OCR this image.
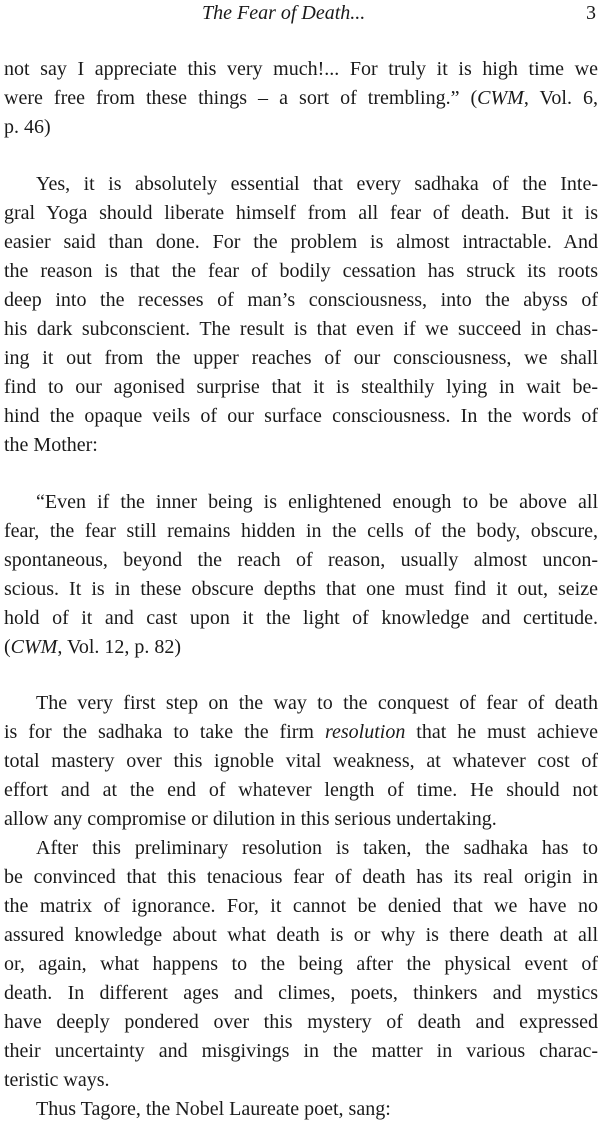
The Fear of Death...	3
not say I appreciate this very much!... For truly it is high time we
were free from these things – a sort of trembling.” (CWM, Vol. 6,
p. 46)
Yes, it is absolutely essential that every sadhaka of the Inte-
gral Yoga should liberate himself from all fear of death. But it is
easier said than done. For the problem is almost intractable. And
the reason is that the fear of bodily cessation has struck its roots
deep into the recesses of man’s consciousness, into the abyss of
his dark subconscient. The result is that even if we succeed in chas-
ing it out from the upper reaches of our consciousness, we shall
find to our agonised surprise that it is stealthily lying in wait be-
hind the opaque veils of our surface consciousness. In the words of
the Mother:
“Even if the inner being is enlightened enough to be above all
fear, the fear still remains hidden in the cells of the body, obscure,
spontaneous, beyond the reach of reason, usually almost uncon-
scious. It is in these obscure depths that one must find it out, seize
hold of it and cast upon it the light of knowledge and certitude.
(CWM, Vol. 12, p. 82)
The very first step on the way to the conquest of fear of death
is for the sadhaka to take the firm resolution that he must achieve
total mastery over this ignoble vital weakness, at whatever cost of
effort and at the end of whatever length of time. He should not
allow any compromise or dilution in this serious undertaking.
After this preliminary resolution is taken, the sadhaka has to
be convinced that this tenacious fear of death has its real origin in
the matrix of ignorance. For, it cannot be denied that we have no
assured knowledge about what death is or why is there death at all
or, again, what happens to the being after the physical event of
death. In different ages and climes, poets, thinkers and mystics
have deeply pondered over this mystery of death and expressed
their uncertainty and misgivings in the matter in various charac-
teristic ways.
Thus Tagore, the Nobel Laureate poet, sang:
